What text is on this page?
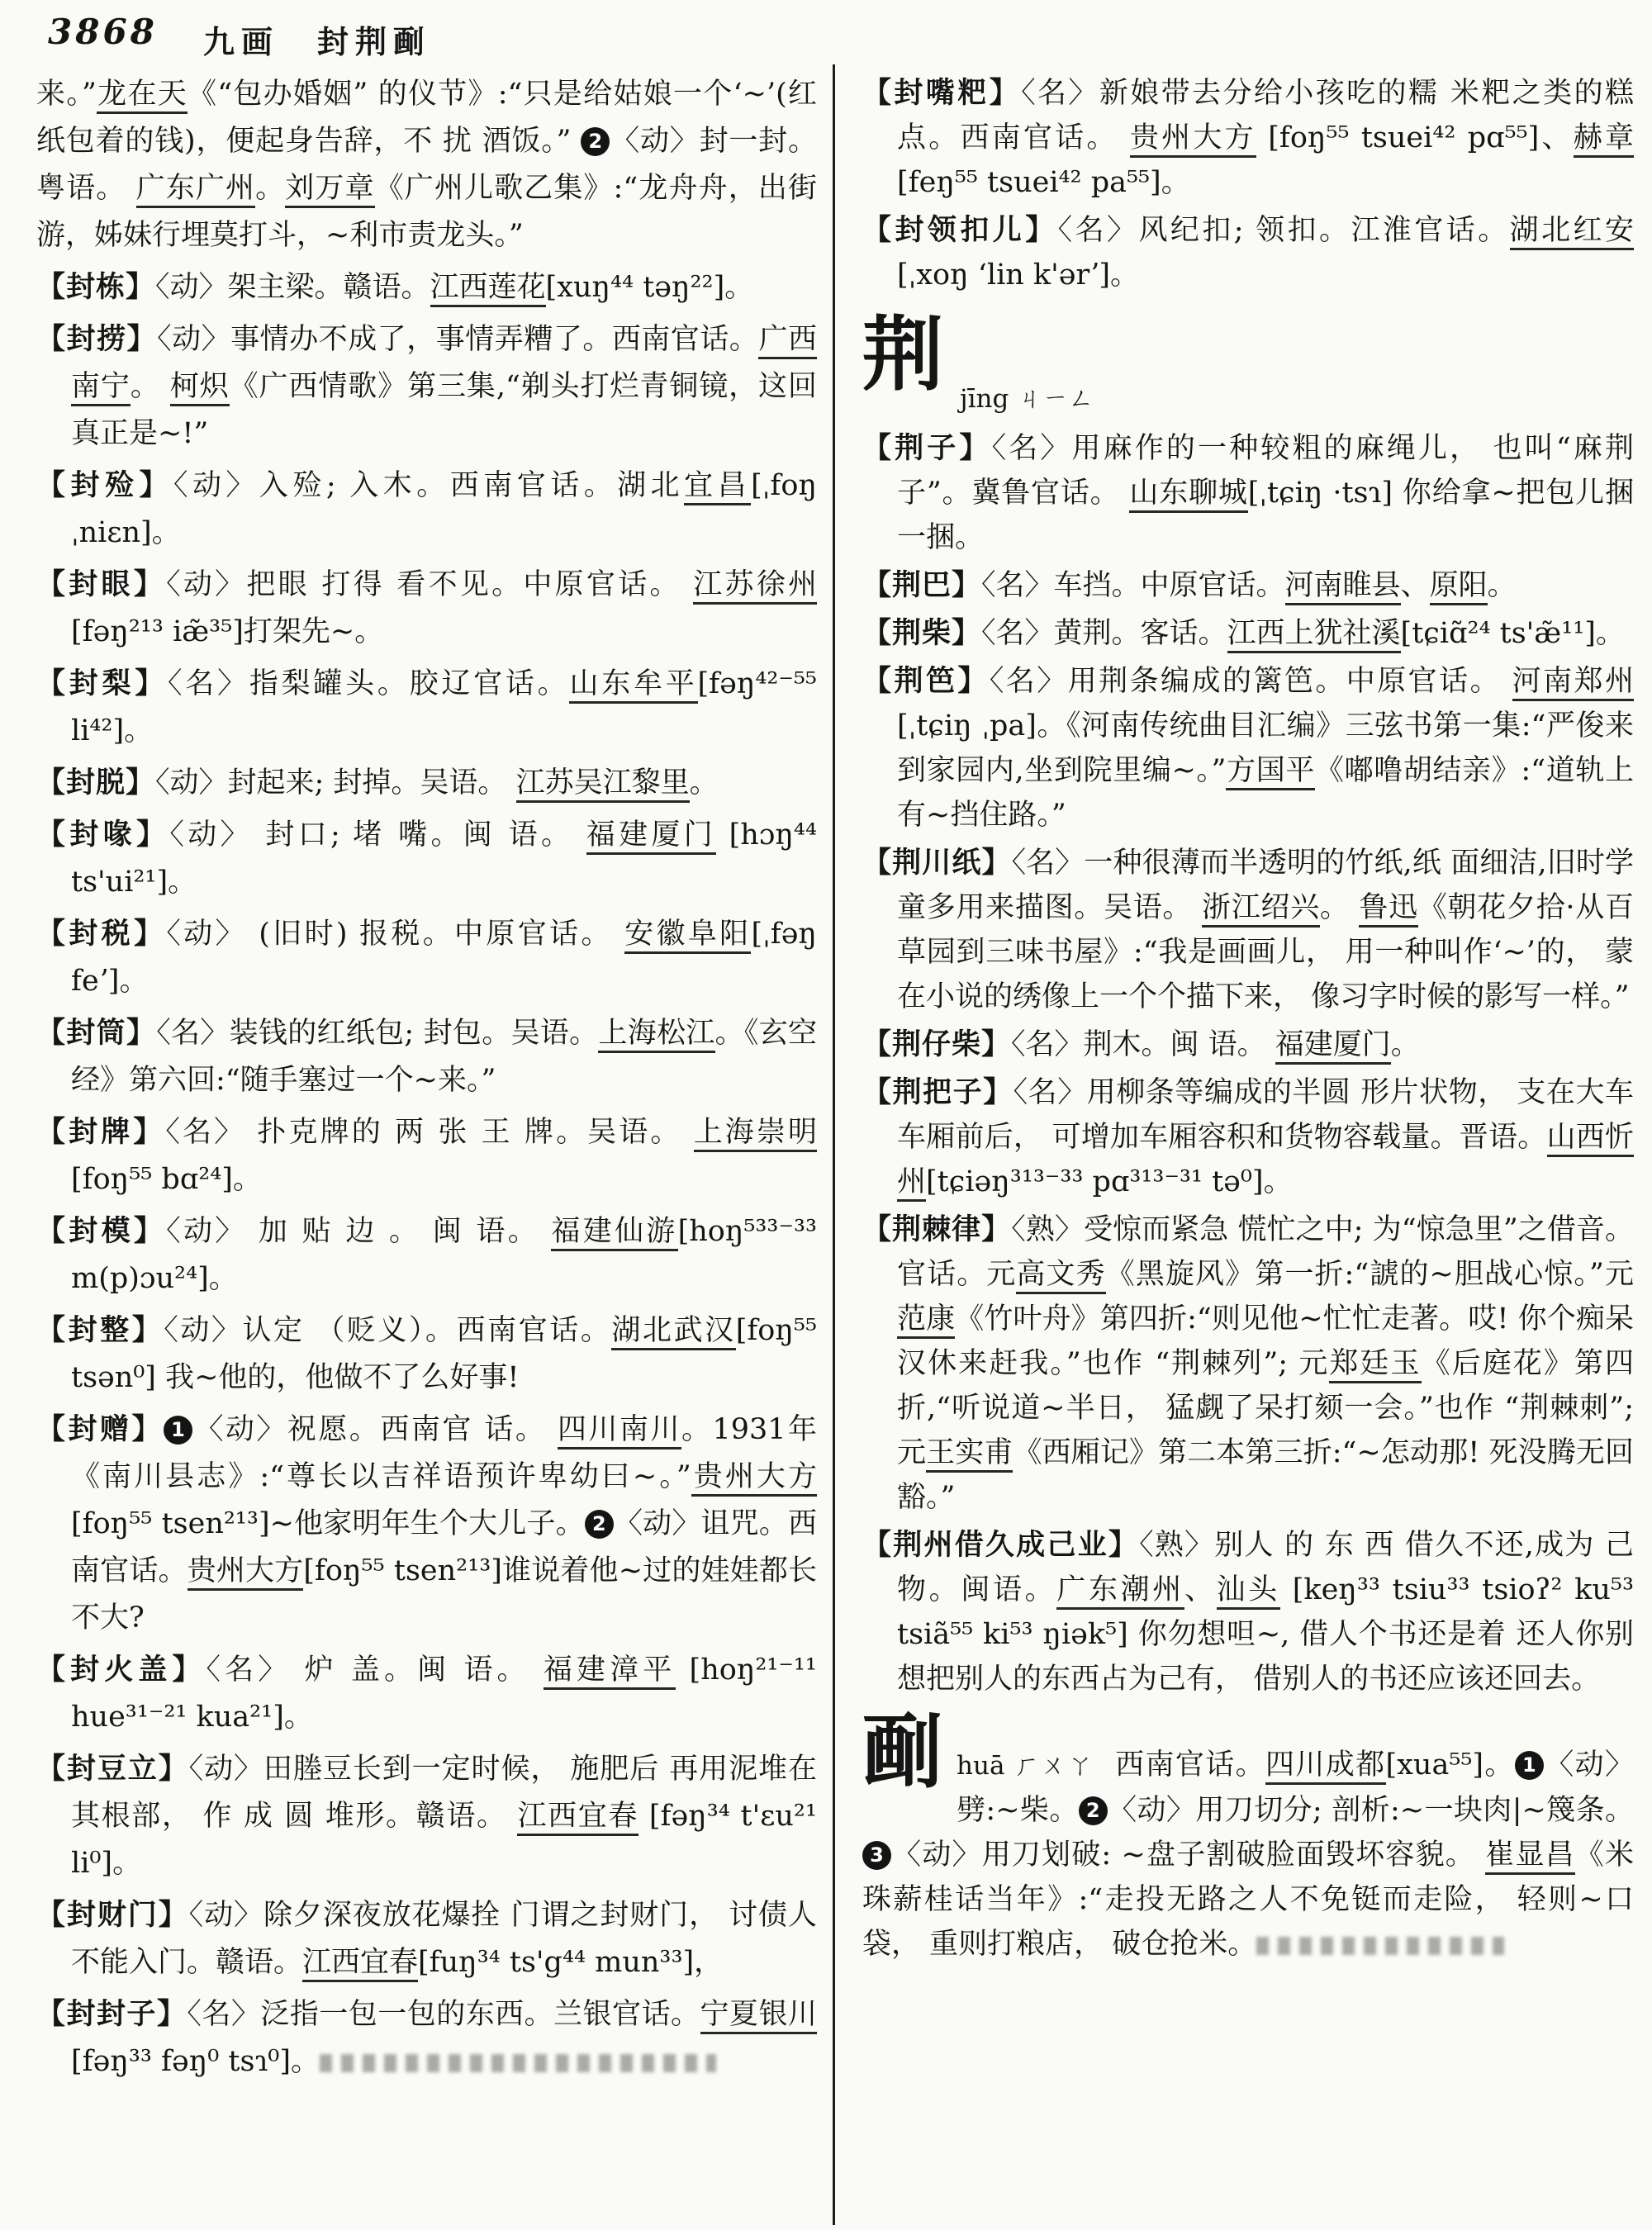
3868 九画　封荆㓰

来。”龙在天《“包办婚姻” 的仪节》:“只是给姑娘一个‘~’(红纸包着的钱)，便起身告辞，不 扰 酒饭。” 2 〈动〉封一封。粤语。 广东广州。刘万章《广州儿歌乙集》:“龙舟舟，出街游，姊妹行埋莫打斗，~利市责龙头。”

【封栋】〈动〉架主梁。赣语。江西莲花[xuŋ⁴⁴ təŋ²²]。

【封捞】〈动〉事情办不成了，事情弄糟了。西南官话。广西南宁。 柯炽《广西情歌》第三集,“剃头打烂青铜镜，这回真正是~!”

【封殓】〈动〉入殓; 入木。西南官话。湖北宜昌[ˌfoŋ ˌniɛn]。

【封眼】〈动〉把眼 打得 看不见。中原官话。 江苏徐州[fəŋ²¹³ iæ̃³⁵]打架先~。

【封梨】〈名〉指梨罐头。胶辽官话。山东牟平[fəŋ⁴²⁻⁵⁵ li⁴²]。

【封脱】〈动〉封起来; 封掉。吴语。 江苏吴江黎里。

【封喙】〈动〉 封口; 堵 嘴。闽 语。 福建厦门 [hɔŋ⁴⁴ ts'ui²¹]。

【封税】〈动〉 (旧时) 报税。中原官话。 安徽阜阳[ˌfəŋ feʼ]。

【封筒】〈名〉装钱的红纸包; 封包。吴语。上海松江。《玄空经》第六回:“随手塞过一个~来。”

【封牌】〈名〉 扑克牌的 两 张 王 牌。吴语。 上海崇明[foŋ⁵⁵ bɑ²⁴]。

【封模】〈动〉 加 贴 边 。 闽 语。 福建仙游[hoŋ⁵³³⁻³³ m(p)ɔu²⁴]。

【封整】〈动〉认定 （贬义）。西南官话。湖北武汉[foŋ⁵⁵ tsən⁰] 我~他的，他做不了么好事!

【封赠】 1 〈动〉祝愿。西南官 话。 四川南川。1931年《南川县志》:“尊长以吉祥语预许卑幼曰~。”贵州大方[foŋ⁵⁵ tsen²¹³]~他家明年生个大儿子。 2 〈动〉诅咒。西南官话。贵州大方[foŋ⁵⁵ tsen²¹³]谁说着他~过的娃娃都长不大?

【封火盖】〈名〉 炉 盖。闽 语。 福建漳平 [hoŋ²¹⁻¹¹ hue³¹⁻²¹ kua²¹]。

【封豆立】〈动〉田塍豆长到一定时候， 施肥后 再用泥堆在其根部， 作 成 圆 堆形。赣语。 江西宜春 [fəŋ³⁴ t'ɛu²¹ li⁰]。

【封财门】〈动〉除夕深夜放花爆拴 门谓之封财门， 讨债人不能入门。赣语。江西宜春[fuŋ³⁴ ts'g⁴⁴ mun³³]，

【封封子】〈名〉泛指一包一包的东西。兰银官话。宁夏银川 [fəŋ³³ fəŋ⁰ tsɿ⁰]。

【封嘴粑】〈名〉新娘带去分给小孩吃的糯 米粑之类的糕点。西南官话。 贵州大方 [foŋ⁵⁵ tsuei⁴² pɑ⁵⁵]、赫章[feŋ⁵⁵ tsuei⁴² pa⁵⁵]。

【封领扣儿】〈名〉风纪扣; 领扣。江淮官话。湖北红安[ˌxoŋ ʻlin k'ərʼ]。

荆jīng ㄐㄧㄥ

【荆子】〈名〉用麻作的一种较粗的麻绳儿， 也叫“麻荆子”。冀鲁官话。 山东聊城[ˌtɕiŋ ·tsɿ] 你给拿~把包儿捆一捆。

【荆巴】〈名〉车挡。中原官话。河南睢县、原阳。

【荆柴】〈名〉黄荆。客话。江西上犹社溪[tɕiɑ̃²⁴ ts'æ̃¹¹]。

【荆笆】〈名〉用荆条编成的篱笆。中原官话。 河南郑州[ˌtɕiŋ ˌpa]。《河南传统曲目汇编》三弦书第一集:“严俊来到家园内,坐到院里编~。”方国平《嘟噜胡结亲》:“道轨上有~挡住路。”

【荆川纸】〈名〉一种很薄而半透明的竹纸,纸 面细洁,旧时学童多用来描图。吴语。 浙江绍兴。 鲁迅《朝花夕拾·从百草园到三味书屋》:“我是画画儿， 用一种叫作‘~’的， 蒙在小说的绣像上一个个描下来， 像习字时候的影写一样。”

【荆仔柴】〈名〉荆木。闽 语。 福建厦门。

【荆把子】〈名〉用柳条等编成的半圆 形片状物， 支在大车车厢前后， 可增加车厢容积和货物容载量。晋语。山西忻州[tɕiəŋ³¹³⁻³³ pɑ³¹³⁻³¹ tə⁰]。

【荆棘律】〈熟〉受惊而紧急 慌忙之中; 为“惊急里”之借音。官话。元高文秀《黑旋风》第一折:“諕的~胆战心惊。”元范康《竹叶舟》第四折:“则见他~忙忙走著。哎! 你个痴呆汉休来赶我。”也作 “荆棘列”; 元郑廷玉《后庭花》第四折,“听说道~半日， 猛觑了呆打颏一会。”也作 “荆棘刺”; 元王实甫《西厢记》第二本第三折:“~怎动那! 死没腾无回豁。”

【荆州借久成己业】〈熟〉别人 的 东 西 借久不还,成为 己 物。闽语。广东潮州、汕头 [keŋ³³ tsiu³³ tsioʔ² ku⁵³ tsiã⁵⁵ ki⁵³ ŋiək⁵] 你勿想呾~, 借人个书还是着 还人你别想把别人的东西占为己有， 借别人的书还应该还回去。

㓰 huā ㄏㄨㄚ 西南官话。四川成都[xua⁵⁵]。 1 〈动〉劈:~柴。 2 〈动〉用刀切分; 剖析:~一块肉|~篾条。3 〈动〉用刀划破: ~盘子割破脸面毁坏容貌。 崔显昌《米珠薪桂话当年》:“走投无路之人不免铤而走险， 轻则~口袋， 重则打粮店， 破仓抢米。
